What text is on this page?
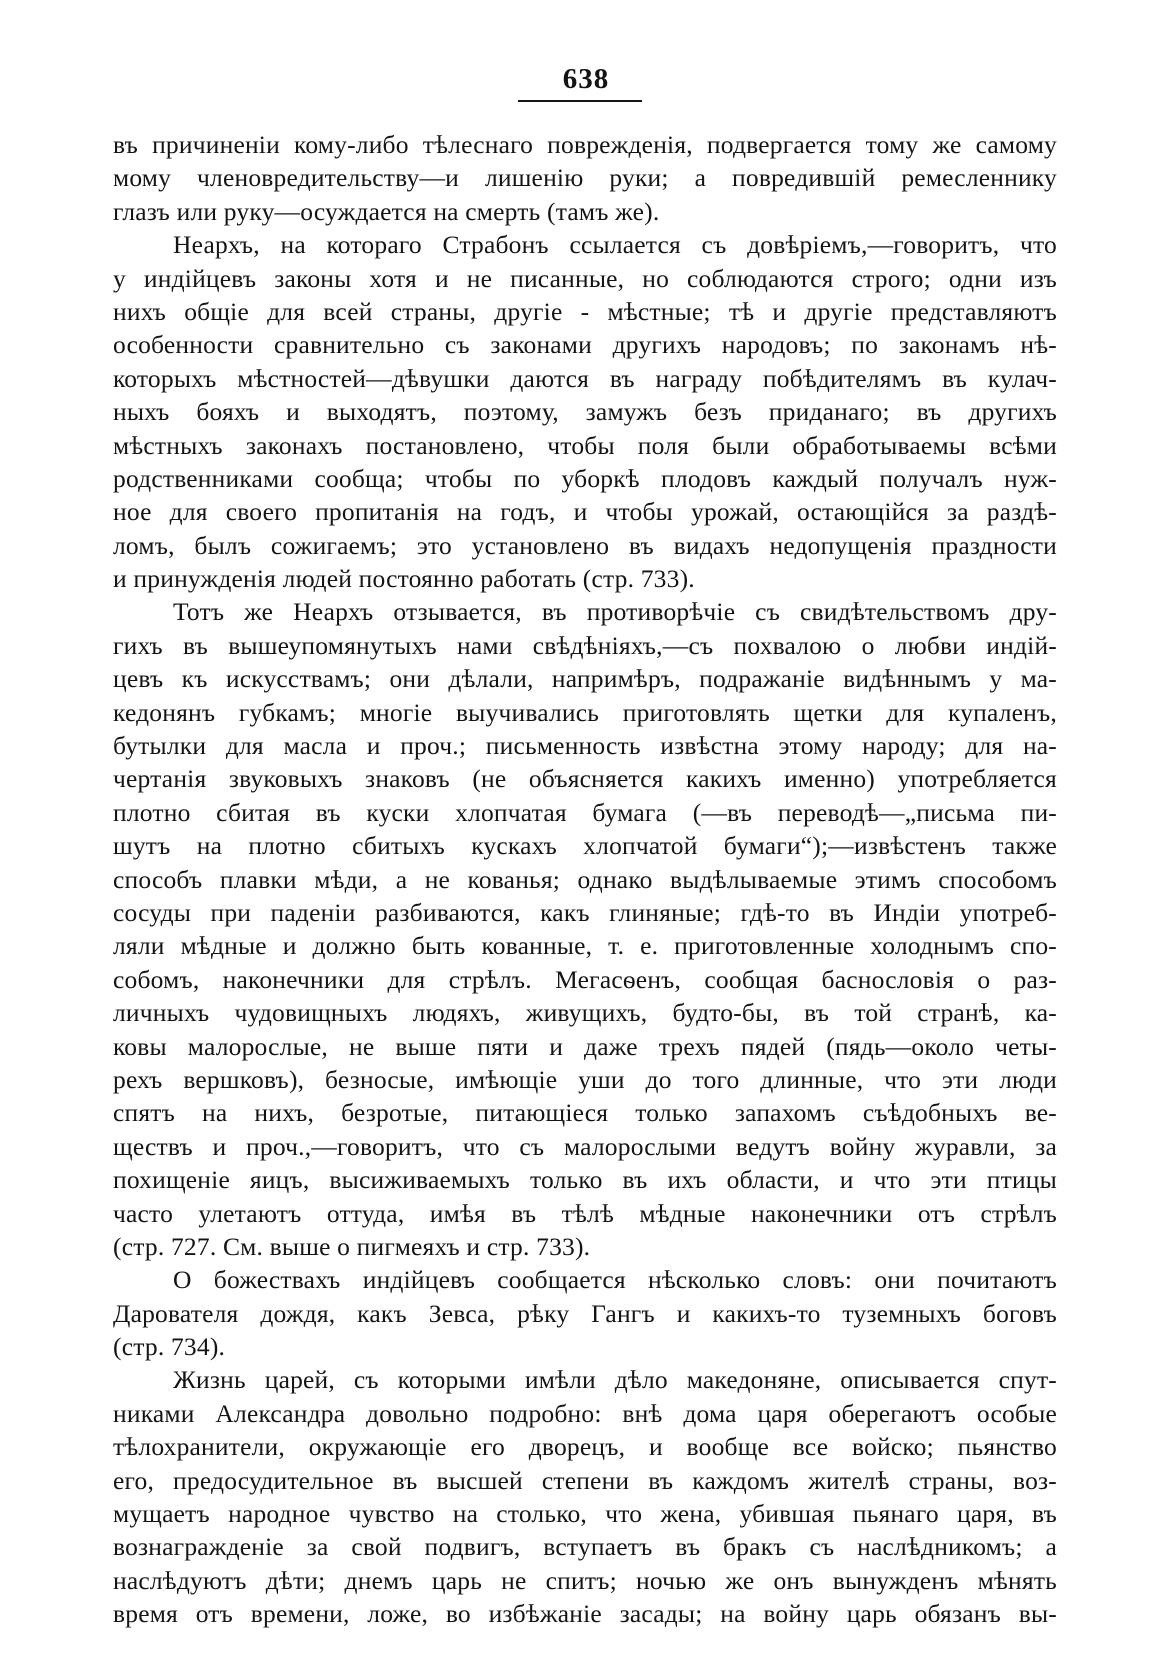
638
въ причиненіи кому-либо тѣлеснаго поврежденія, подвергается тому же самому
мому членовредительству—и лишенію руки; а повредившій ремесленнику
глазъ или руку—осуждается на смерть (тамъ же).
Неархъ, на котораго Страбонъ ссылается съ довѣріемъ,—говоритъ, что
у индійцевъ законы хотя и не писанные, но соблюдаются строго; одни изъ
нихъ общіе для всей страны, другіе - мѣстные; тѣ и другіе представляютъ
особенности сравнительно съ законами другихъ народовъ; по законамъ нѣ-
которыхъ мѣстностей—дѣвушки даются въ награду побѣдителямъ въ кулач-
ныхъ бояхъ и выходятъ, поэтому, замужъ безъ приданаго; въ другихъ
мѣстныхъ законахъ постановлено, чтобы поля были обработываемы всѣми
родственниками сообща; чтобы по уборкѣ плодовъ каждый получалъ нуж-
ное для своего пропитанія на годъ, и чтобы урожай, остающійся за раздѣ-
ломъ, былъ сожигаемъ; это установлено въ видахъ недопущенія праздности
и принужденія людей постоянно работать (стр. 733).
Тотъ же Неархъ отзывается, въ противорѣчіе съ свидѣтельствомъ дру-
гихъ въ вышеупомянутыхъ нами свѣдѣніяхъ,—съ похвалою о любви индій-
цевъ къ искусствамъ; они дѣлали, напримѣръ, подражаніе видѣннымъ у ма-
кедонянъ губкамъ; многіе выучивались приготовлять щетки для купаленъ,
бутылки для масла и проч.; письменность извѣстна этому народу; для на-
чертанія звуковыхъ знаковъ (не объясняется какихъ именно) употребляется
плотно сбитая въ куски хлопчатая бумага (—въ переводѣ—„письма пи-
шутъ на плотно сбитыхъ кускахъ хлопчатой бумаги“);—извѣстенъ также
способъ плавки мѣди, а не кованья; однако выдѣлываемые этимъ способомъ
сосуды при паденіи разбиваются, какъ глиняные; гдѣ-то въ Индіи употреб-
ляли мѣдные и должно быть кованные, т. е. приготовленные холоднымъ спо-
собомъ, наконечники для стрѣлъ. Мегасѳенъ, сообщая баснословія о раз-
личныхъ чудовищныхъ людяхъ, живущихъ, будто-бы, въ той странѣ, ка-
ковы малорослые, не выше пяти и даже трехъ пядей (пядь—около четы-
рехъ вершковъ), безносые, имѣющіе уши до того длинные, что эти люди
спятъ на нихъ, безротые, питающіеся только запахомъ съѣдобныхъ ве-
ществъ и проч.,—говоритъ, что съ малорослыми ведутъ войну журавли, за
похищеніе яицъ, высиживаемыхъ только въ ихъ области, и что эти птицы
часто улетаютъ оттуда, имѣя въ тѣлѣ мѣдные наконечники отъ стрѣлъ
(стр. 727. См. выше о пигмеяхъ и стр. 733).
О божествахъ индійцевъ сообщается нѣсколько словъ: они почитаютъ
Дарователя дождя, какъ Зевса, рѣку Гангъ и какихъ-то туземныхъ боговъ
(стр. 734).
Жизнь царей, съ которыми имѣли дѣло македоняне, описывается спут-
никами Александра довольно подробно: внѣ дома царя оберегаютъ особые
тѣлохранители, окружающіе его дворецъ, и вообще все войско; пьянство
его, предосудительное въ высшей степени въ каждомъ жителѣ страны, воз-
мущаетъ народное чувство на столько, что жена, убившая пьянаго царя, въ
вознагражденіе за свой подвигъ, вступаетъ въ бракъ съ наслѣдникомъ; а
наслѣдуютъ дѣти; днемъ царь не спитъ; ночью же онъ вынужденъ мѣнять
время отъ времени, ложе, во избѣжаніе засады; на войну царь обязанъ вы-
